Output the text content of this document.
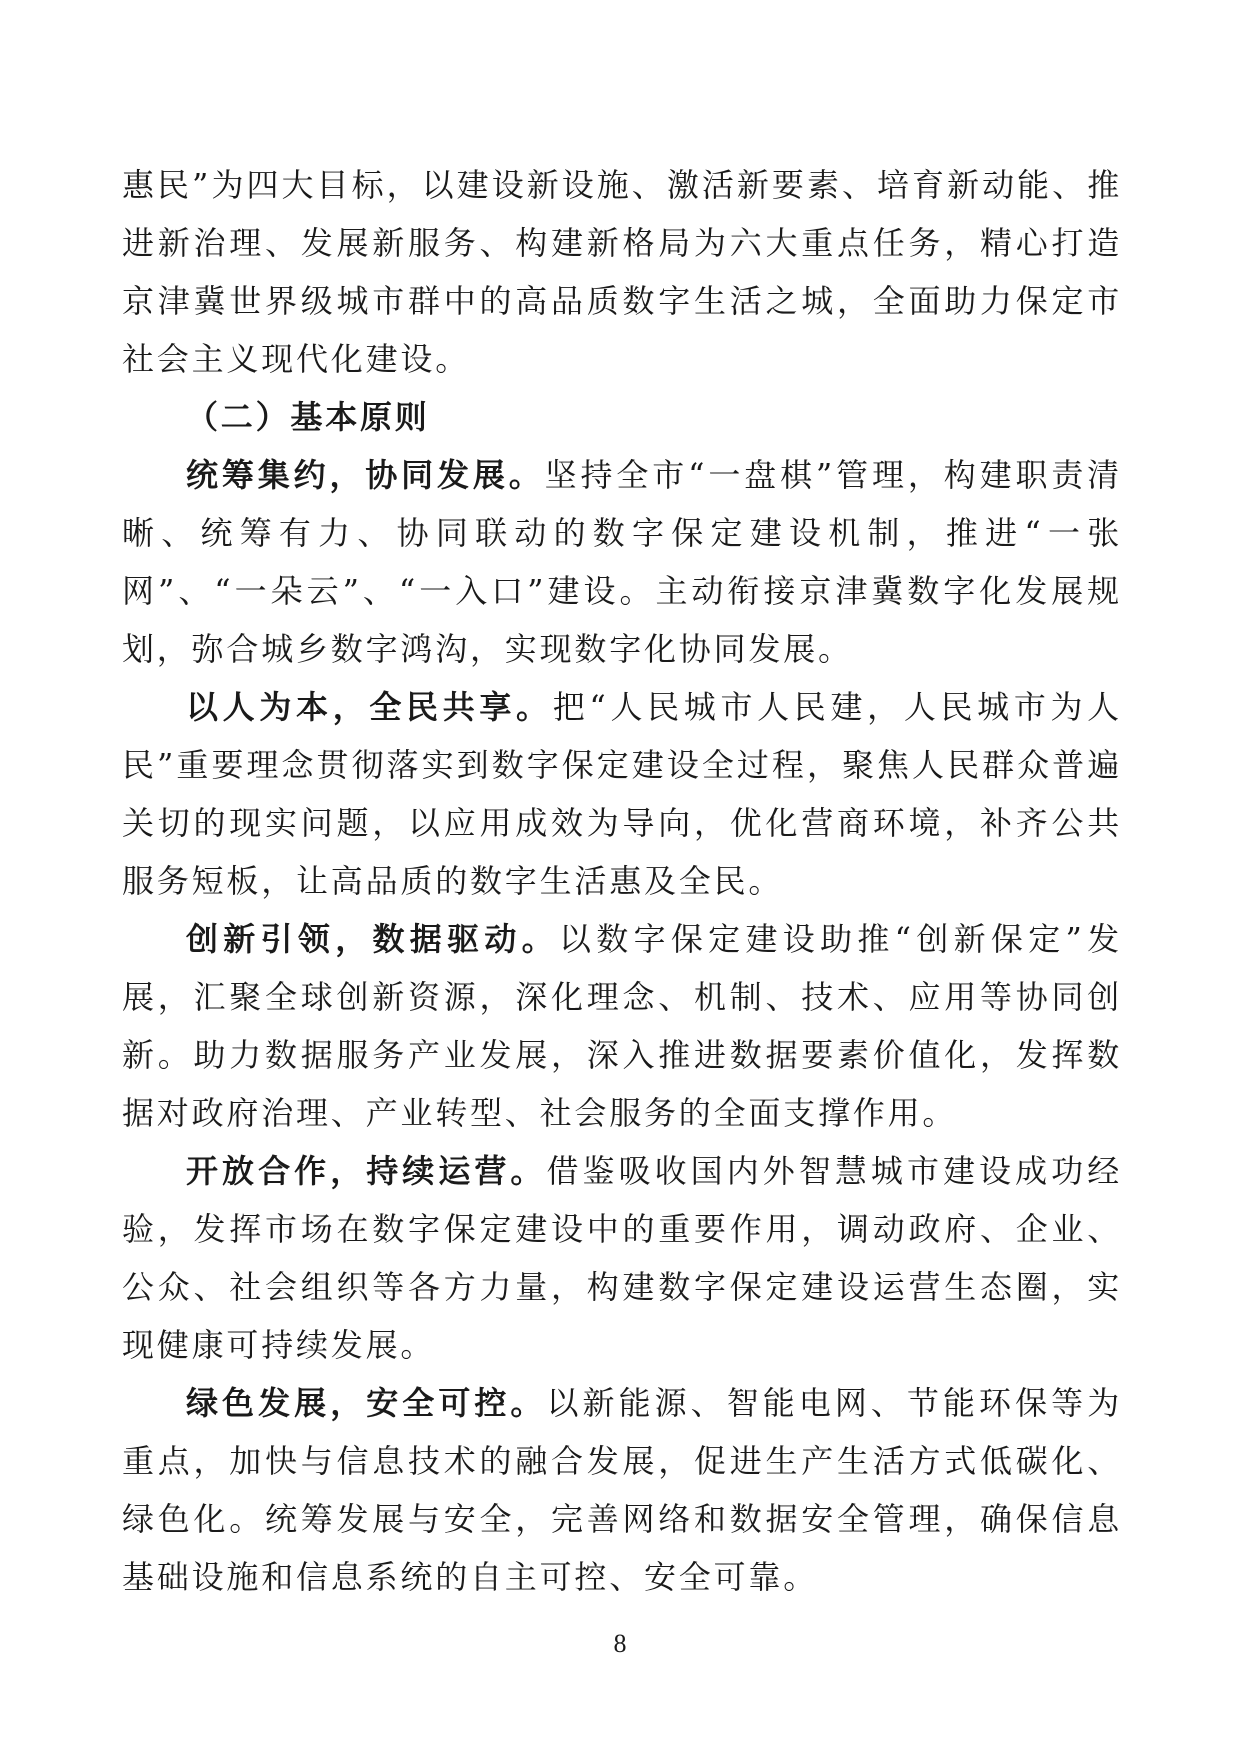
惠民”为四大目标，以建设新设施、激活新要素、培育新动能、推进新治理、发展新服务、构建新格局为六大重点任务，精心打造京津冀世界级城市群中的高品质数字生活之城，全面助力保定市社会主义现代化建设。

（二）基本原则

统筹集约，协同发展。坚持全市“一盘棋”管理，构建职责清晰、统筹有力、协同联动的数字保定建设机制，推进“一张网”、“一朵云”、“一入口”建设。主动衔接京津冀数字化发展规划，弥合城乡数字鸿沟，实现数字化协同发展。

以人为本，全民共享。把“人民城市人民建，人民城市为人民”重要理念贯彻落实到数字保定建设全过程，聚焦人民群众普遍关切的现实问题，以应用成效为导向，优化营商环境，补齐公共服务短板，让高品质的数字生活惠及全民。

创新引领，数据驱动。以数字保定建设助推“创新保定”发展，汇聚全球创新资源，深化理念、机制、技术、应用等协同创新。助力数据服务产业发展，深入推进数据要素价值化，发挥数据对政府治理、产业转型、社会服务的全面支撑作用。

开放合作，持续运营。借鉴吸收国内外智慧城市建设成功经验，发挥市场在数字保定建设中的重要作用，调动政府、企业、公众、社会组织等各方力量，构建数字保定建设运营生态圈，实现健康可持续发展。

绿色发展，安全可控。以新能源、智能电网、节能环保等为重点，加快与信息技术的融合发展，促进生产生活方式低碳化、绿色化。统筹发展与安全，完善网络和数据安全管理，确保信息基础设施和信息系统的自主可控、安全可靠。

8
